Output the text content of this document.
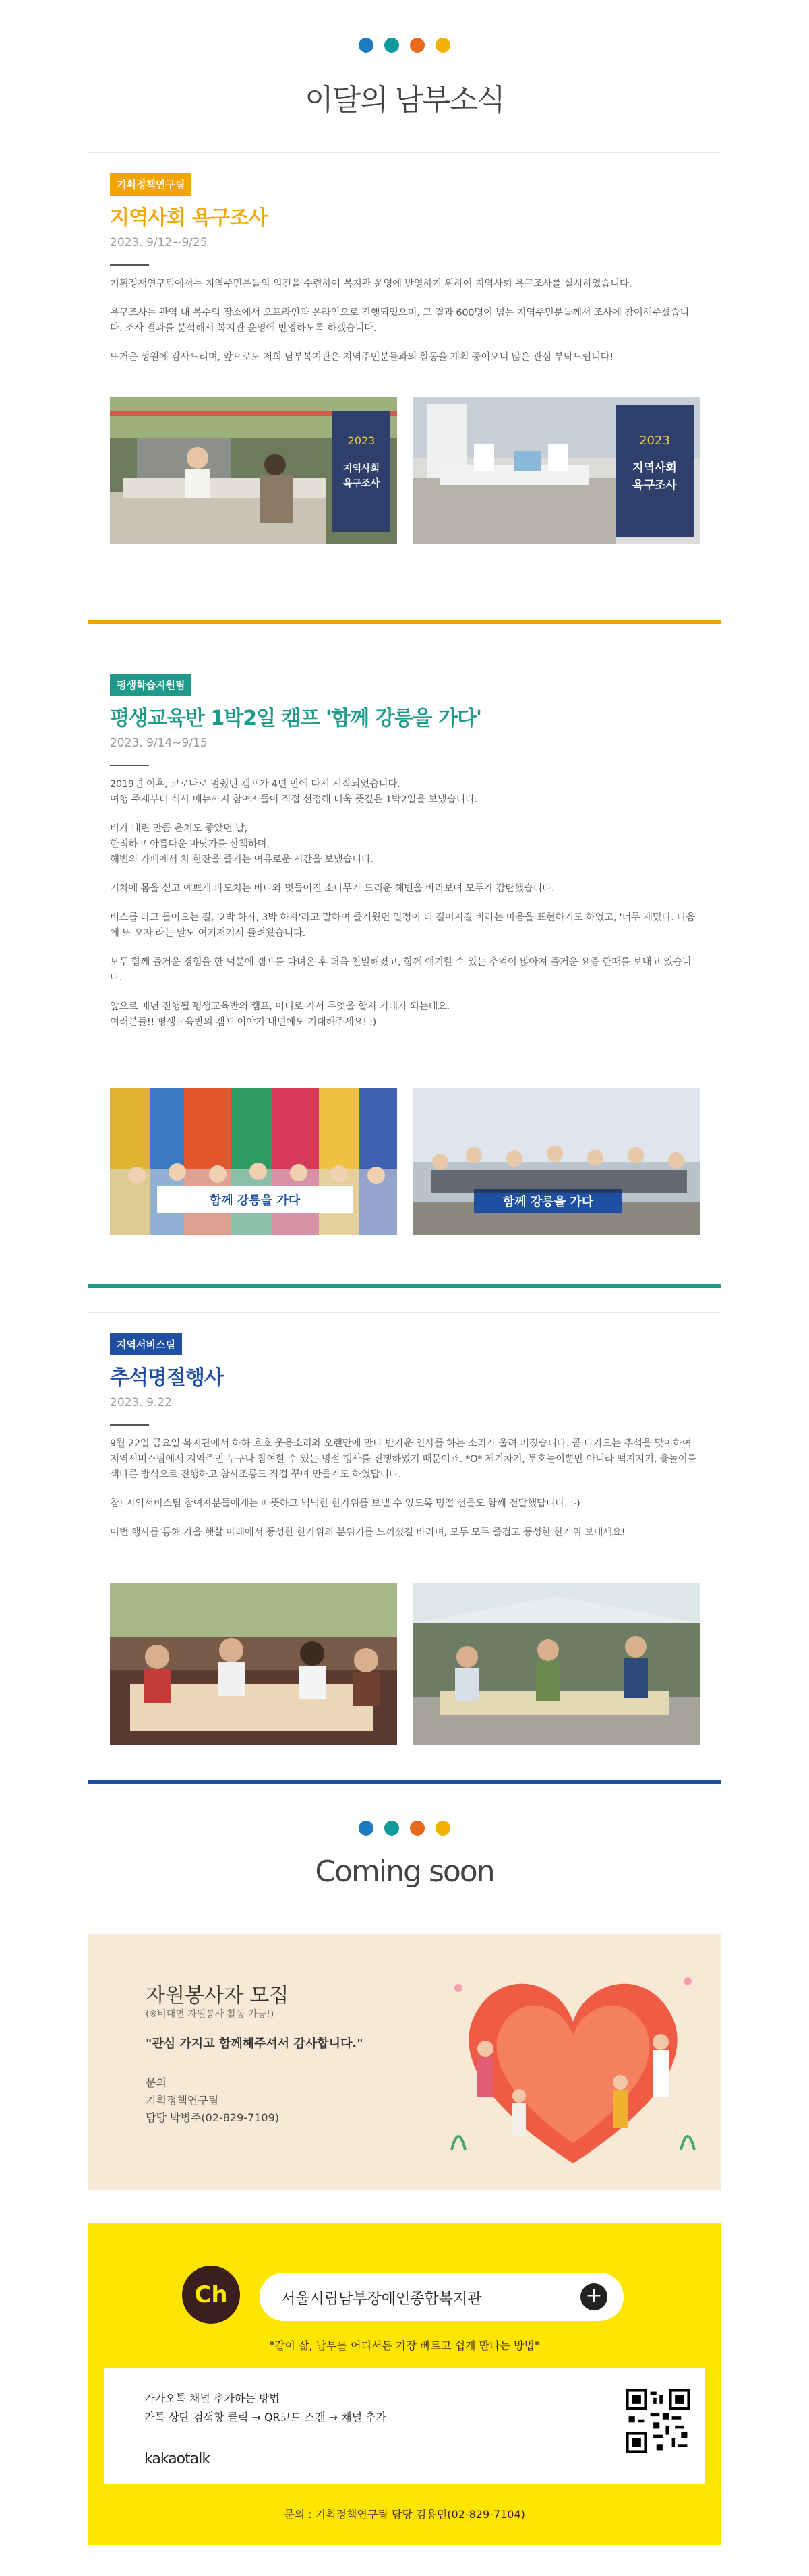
이달의 남부소식
기획정책연구팀
지역사회 욕구조사
2023. 9/12~9/25

기획정책연구팀에서는 지역주민분들의 의견을 수렴하여 복지관 운영에 반영하기 위하여 지역사회 욕구조사를 실시하였습니다.

욕구조사는 관역 내 복수의 장소에서 오프라인과 온라인으로 진행되었으며, 그 결과 600명이 넘는 지역주민분들께서 조사에 참여해주셨습니다. 조사 결과를 분석해서 복지관 운영에 반영하도록 하겠습니다.

뜨거운 성원에 감사드리며, 앞으로도 저희 남부복지관은 지역주민분들과의 활동을 계획 중이오니 많은 관심 부탁드립니다!

2023
지역사회
욕구조사
2023
지역사회
욕구조사
평생학습지원팀
평생교육반 1박2일 캠프 '함께 강릉을 가다'
2023. 9/14~9/15

2019년 이후, 코로나로 멈췄던 캠프가 4년 만에 다시 시작되었습니다.
여행 주제부터 식사 메뉴까지 참여자들이 직접 선정해 더욱 뜻깊은 1박2일을 보냈습니다.

비가 내린 만큼 운치도 좋았던 날,
한적하고 아름다운 바닷가를 산책하며,
해변의 카페에서 차 한잔을 즐기는 여유로운 시간을 보냈습니다.

기차에 몸을 싣고 예쁘게 파도치는 바다와 멋들어진 소나무가 드리운 해변을 바라보며 모두가 감탄했습니다.

버스를 타고 돌아오는 길, '2박 하자, 3박 하자'라고 말하며 즐거웠던 일정이 더 길어지길 바라는 마음을 표현하기도 하였고, '너무 재밌다. 다음에 또 오자'라는 말도 여기저기서 들려왔습니다.

모두 함께 즐거운 경험을 한 덕분에 캠프를 다녀온 후 더욱 친밀해졌고, 함께 얘기할 수 있는 추억이 많아져 즐거운 요즘 한때를 보내고 있습니다.

앞으로 매년 진행될 평생교육반의 캠프, 어디로 가서 무엇을 할지 기대가 되는데요.
여러분들!! 평생교육반의 캠프 이야기 내년에도 기대해주세요! :)

함께 강릉을 가다	함께 강릉을 가다
지역서비스팀
추석명절행사
2023. 9.22

9월 22일 금요일 복지관에서 하하 호호 웃음소리와 오랜만에 만나 반가운 인사를 하는 소리가 울려 퍼졌습니다. 곧 다가오는 추석을 맞이하여 지역서비스팀에서 지역주민 누구나 참여할 수 있는 명절 행사를 진행하였기 때문이죠. *O* 제기차기, 투호놀이뿐만 아니라 떡지지기, 윷놀이를 색다른 방식으로 진행하고 참사조롱도 직접 꾸며 만들기도 하였답니다.

참! 지역서비스팀 참여자분들에게는 따뜻하고 넉넉한 한가위를 보낼 수 있도록 명절 선물도 함께 전달했답니다. :-)

이번 행사를 통해 가을 햇살 아래에서 풍성한 한가위의 분위기를 느끼셨길 바라며, 모두 모두 즐겁고 풍성한 한가위 보내세요!

Coming soon
자원봉사자 모집
(※비대면 자원봉사 활동 가능!)
"관심 가지고 함께해주셔서 감사합니다."
문의
기획정책연구팀
담당 박병주(02-829-7109)
Ch	서울시립남부장애인종합복지관	+
"같이 삶, 남부를 어디서든 가장 빠르고 쉽게 만나는 방법"
카카오톡 채널 추가하는 방법
카톡 상단 검색창 클릭 → QR코드 스캔 → 채널 추가
kakaotalk
문의 : 기획정책연구팀 담당 김용민(02-829-7104)
